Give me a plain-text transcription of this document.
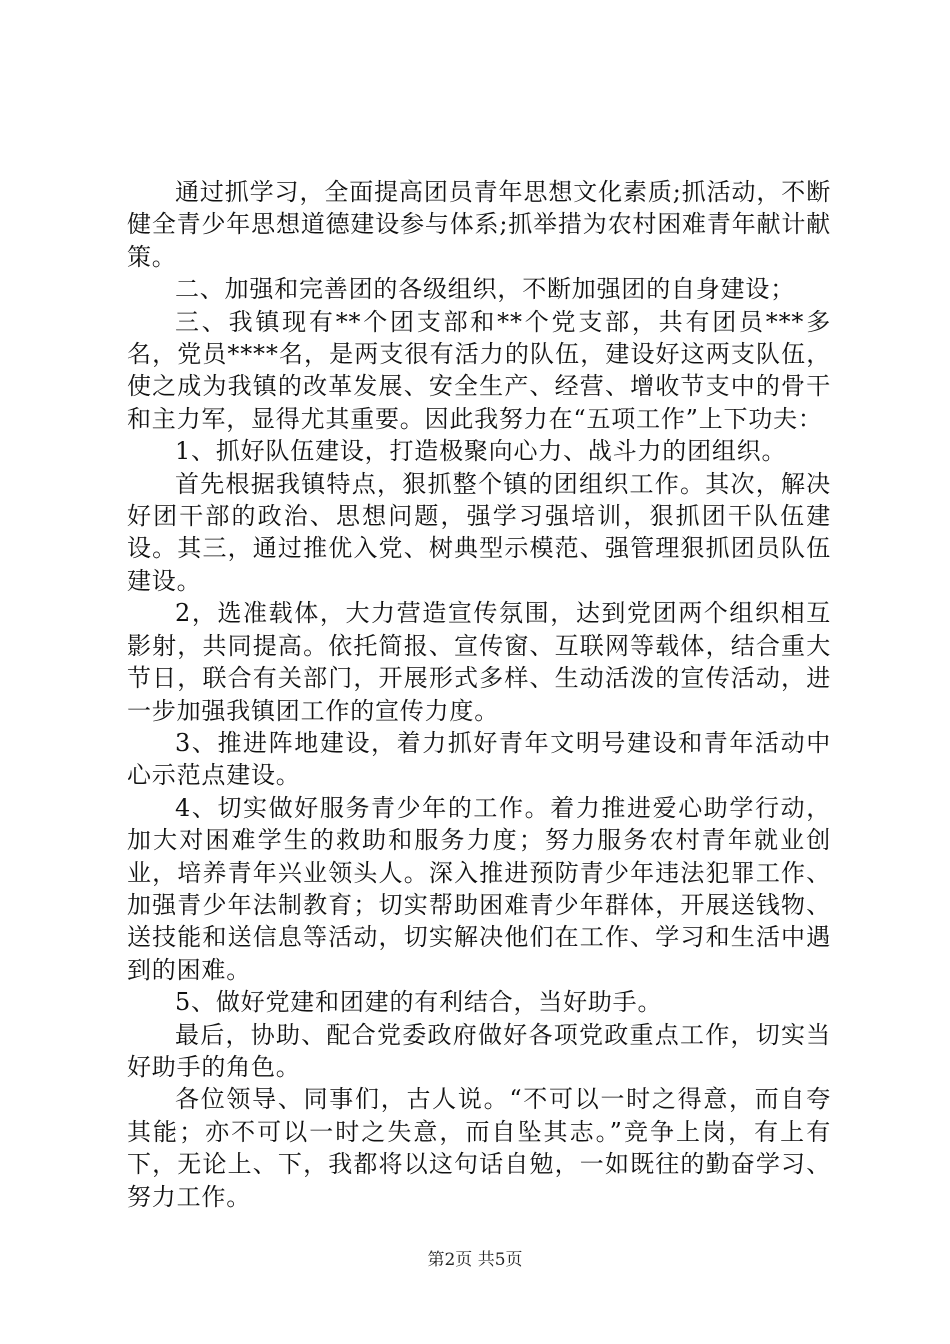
通过抓学习，全面提高团员青年思想文化素质;抓活动，不断健全青少年思想道德建设参与体系;抓举措为农村困难青年献计献策。

二、加强和完善团的各级组织，不断加强团的自身建设；

三、我镇现有**个团支部和**个党支部，共有团员***多名，党员****名，是两支很有活力的队伍，建设好这两支队伍，使之成为我镇的改革发展、安全生产、经营、增收节支中的骨干和主力军，显得尤其重要。因此我努力在“五项工作”上下功夫：

1、抓好队伍建设，打造极聚向心力、战斗力的团组织。

首先根据我镇特点，狠抓整个镇的团组织工作。其次，解决好团干部的政治、思想问题，强学习强培训，狠抓团干队伍建设。其三，通过推优入党、树典型示模范、强管理狠抓团员队伍建设。

2，选准载体，大力营造宣传氛围，达到党团两个组织相互影射，共同提高。依托简报、宣传窗、互联网等载体，结合重大节日，联合有关部门，开展形式多样、生动活泼的宣传活动，进一步加强我镇团工作的宣传力度。

3、推进阵地建设，着力抓好青年文明号建设和青年活动中心示范点建设。

4、切实做好服务青少年的工作。着力推进爱心助学行动，加大对困难学生的救助和服务力度；努力服务农村青年就业创业，培养青年兴业领头人。深入推进预防青少年违法犯罪工作、加强青少年法制教育；切实帮助困难青少年群体，开展送钱物、送技能和送信息等活动，切实解决他们在工作、学习和生活中遇到的困难。

5、做好党建和团建的有利结合，当好助手。

最后，协助、配合党委政府做好各项党政重点工作，切实当好助手的角色。

各位领导、同事们，古人说。“不可以一时之得意，而自夸其能；亦不可以一时之失意，而自坠其志。”竞争上岗，有上有下，无论上、下，我都将以这句话自勉，一如既往的勤奋学习、努力工作。

第2页 共5页
